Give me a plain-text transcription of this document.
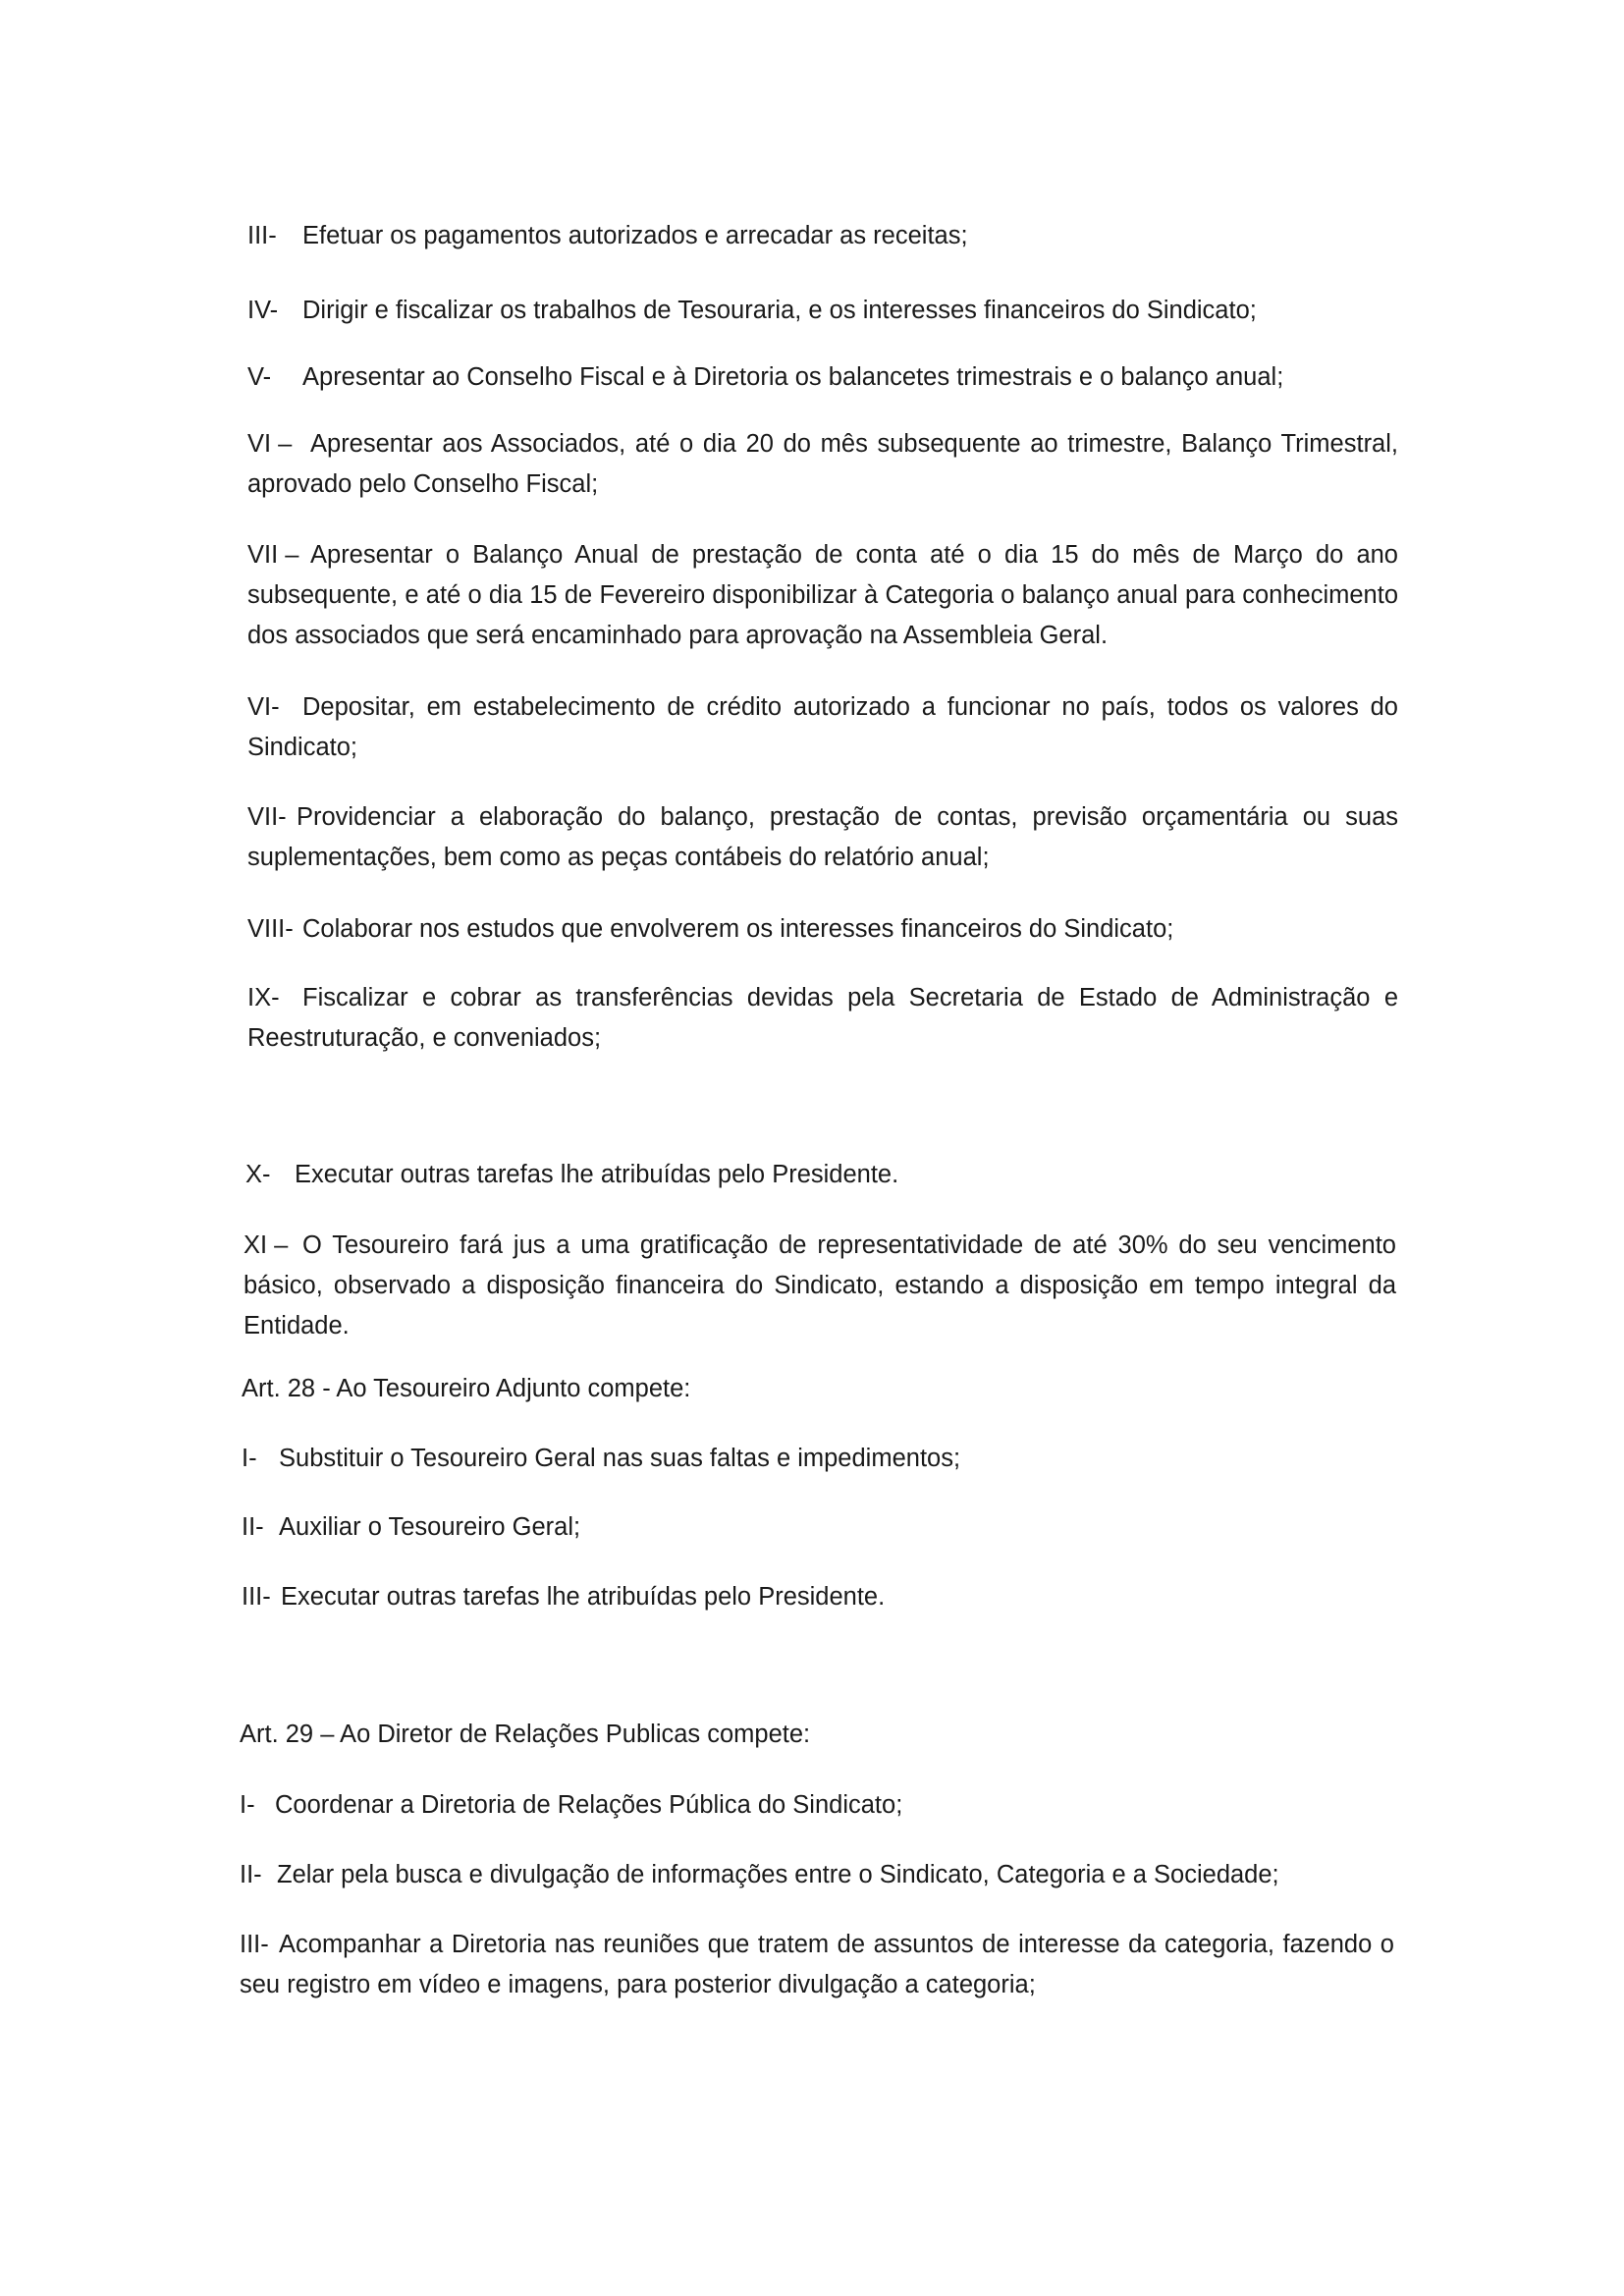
III- Efetuar os pagamentos autorizados e arrecadar as receitas;

IV- Dirigir e fiscalizar os trabalhos de Tesouraria, e os interesses financeiros do Sindicato;

V- Apresentar ao Conselho Fiscal e à Diretoria os balancetes trimestrais e o balanço anual;

VI – Apresentar aos Associados, até o dia 20 do mês subsequente ao trimestre, Balanço Trimestral, aprovado pelo Conselho Fiscal;

VII – Apresentar o Balanço Anual de prestação de conta até o dia 15 do mês de Março do ano subsequente, e até o dia 15 de Fevereiro disponibilizar à Categoria o balanço anual para conhecimento dos associados que será encaminhado para aprovação na Assembleia Geral.

VI- Depositar, em estabelecimento de crédito autorizado a funcionar no país, todos os valores do Sindicato;

VII- Providenciar a elaboração do balanço, prestação de contas, previsão orçamentária ou suas suplementações, bem como as peças contábeis do relatório anual;

VIII- Colaborar nos estudos que envolverem os interesses financeiros do Sindicato;

IX- Fiscalizar e cobrar as transferências devidas pela Secretaria de Estado de Administração e Reestruturação, e conveniados;

X- Executar outras tarefas lhe atribuídas pelo Presidente.

XI – O Tesoureiro fará jus a uma gratificação de representatividade de até 30% do seu vencimento básico, observado a disposição financeira do Sindicato, estando a disposição em tempo integral da Entidade.

Art. 28 - Ao Tesoureiro Adjunto compete:

I- Substituir o Tesoureiro Geral nas suas faltas e impedimentos;

II- Auxiliar o Tesoureiro Geral;

III- Executar outras tarefas lhe atribuídas pelo Presidente.

Art. 29 – Ao Diretor de Relações Publicas compete:

I- Coordenar a Diretoria de Relações Pública do Sindicato;

II- Zelar pela busca e divulgação de informações entre o Sindicato, Categoria e a Sociedade;

III- Acompanhar a Diretoria nas reuniões que tratem de assuntos de interesse da categoria, fazendo o seu registro em vídeo e imagens, para posterior divulgação a categoria;
